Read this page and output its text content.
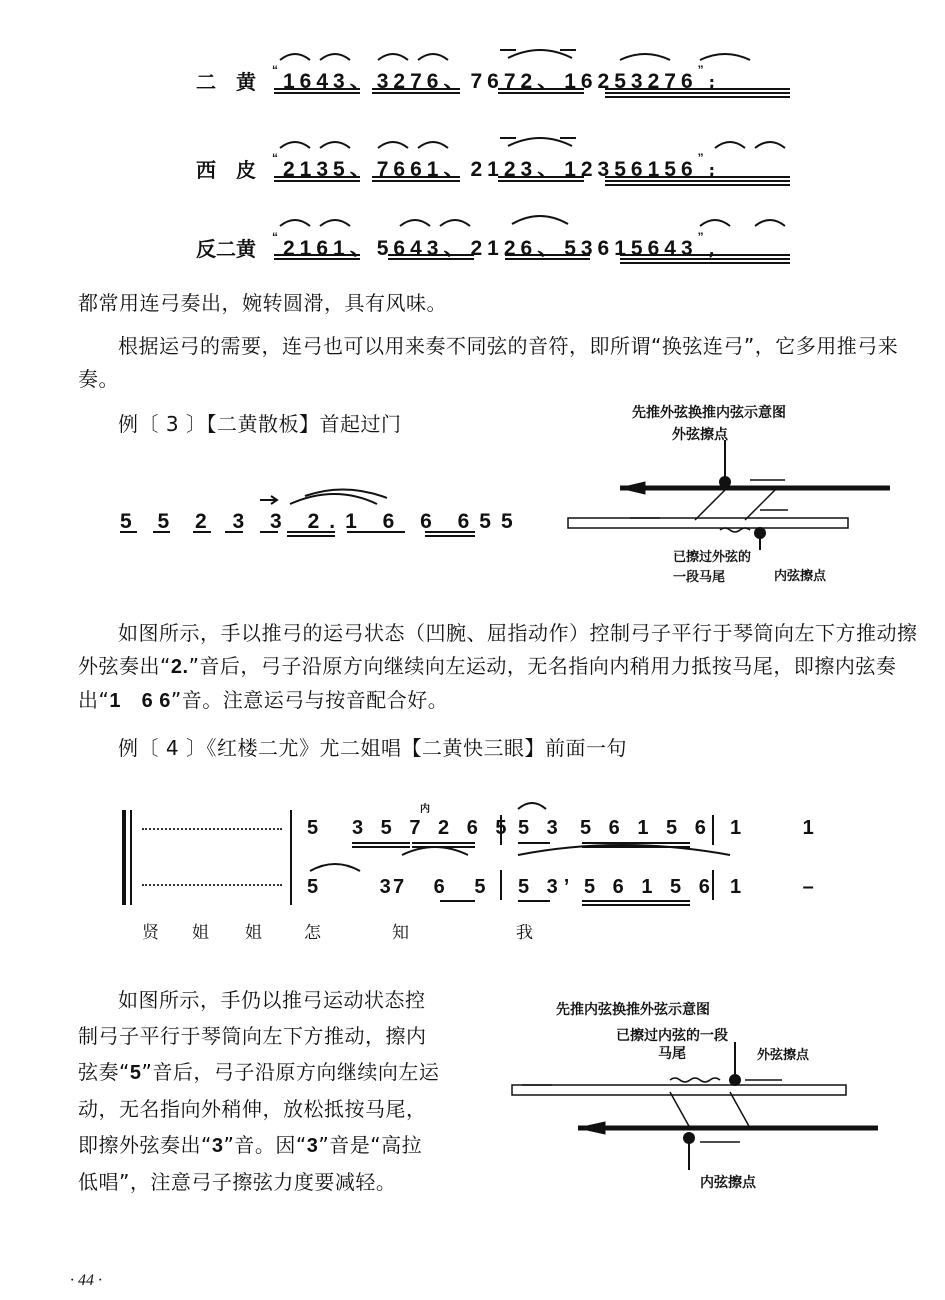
二　黄 “1643、3276、7672、16253276”;
西　皮 “2135、7661、2123、12356156”;
反二黄 “2161、5643、2126、53615643”,
都常用连弓奏出，婉转圆滑，具有风味。
根据运弓的需要，连弓也可以用来奏不同弦的音符，即所谓“换弦连弓”，它多用推弓来奏。
例〔 3 〕【二黄散板】首起过门
5 5 2 3 3 2.1 6 6 655
先推外弦换推内弦示意图
外弦擦点
已擦过外弦的一段马尾	内弦擦点
如图所示，手以推弓的运弓状态（凹腕、屈指动作）控制弓子平行于琴筒向左下方推动擦外弦奏出“2.”音后，弓子沿原方向继续向左运动，无名指向内稍用力抵按马尾，即擦内弦奏出“1 6 6”音。注意运弓与按音配合好。
例〔 4 〕《红楼二尤》尤二姐唱【二黄快三眼】前面一句
内
5 3 5 7 2 6 5 5 3 5 6 1 5 6 1 1
5 3
7 6 5 5 3’ 5 6 1 5 6 1 –
贤 姐 姐 怎	知	我
如图所示，手仍以推弓运动状态控制弓子平行于琴筒向左下方推动，擦内弦奏“5”音后，弓子沿原方向继续向左运动，无名指向外稍伸，放松抵按马尾，即擦外弦奏出“3”音。因“3”音是“高拉低唱”，注意弓子擦弦力度要减轻。
先推内弦换推外弦示意图
已擦过内弦的一段马尾	外弦擦点
内弦擦点
· 44 ·
